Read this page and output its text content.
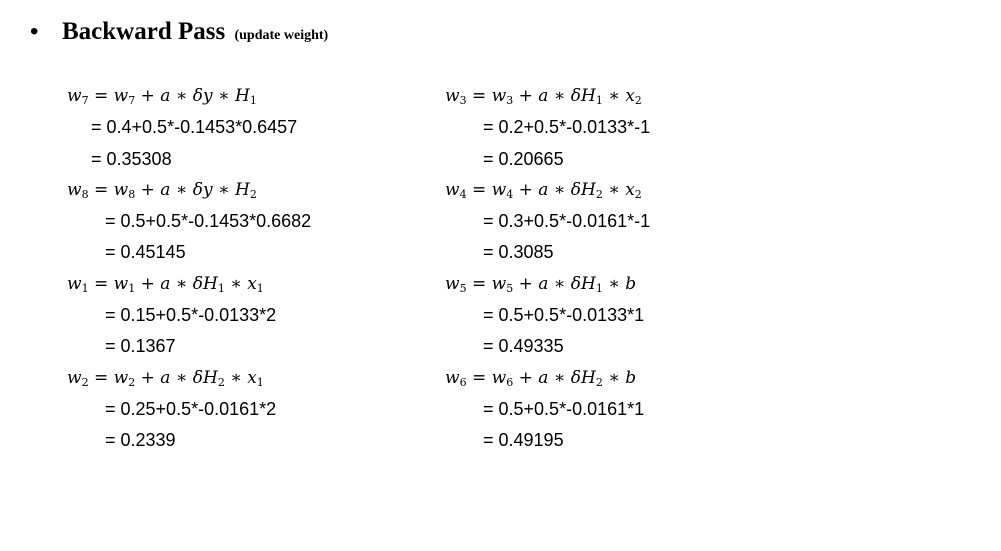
• Backward Pass (update weight)
$w_7 = w_7 + a$ ∗ δy ∗ $H_1$
= 0.4+0.5*-0.1453*0.6457
= 0.35308
$w_8 = w_8 + a$ ∗ δy ∗ $H_2$
= 0.5+0.5*-0.1453*0.6682
= 0.45145
$w_1 = w_1 + a$ ∗ $\delta H_1$ ∗ $x_1$
= 0.15+0.5*-0.0133*2
= 0.1367
$w_2 = w_2 + a$ ∗ $\delta H_2$ ∗ $x_1$
= 0.25+0.5*-0.0161*2
= 0.2339
$w_3 = w_3 + a$ ∗ $\delta H_1$ ∗ $x_2$
= 0.2+0.5*-0.0133*-1
= 0.20665
$w_4 = w_4 + a$ ∗ $\delta H_2$ ∗ $x_2$
= 0.3+0.5*-0.0161*-1
= 0.3085
$w_5 = w_5 + a$ ∗ $\delta H_1$ ∗ b
= 0.5+0.5*-0.0133*1
= 0.49335
$w_6 = w_6 + a$ ∗ $\delta H_2$ ∗ b
= 0.5+0.5*-0.0161*1
= 0.49195
